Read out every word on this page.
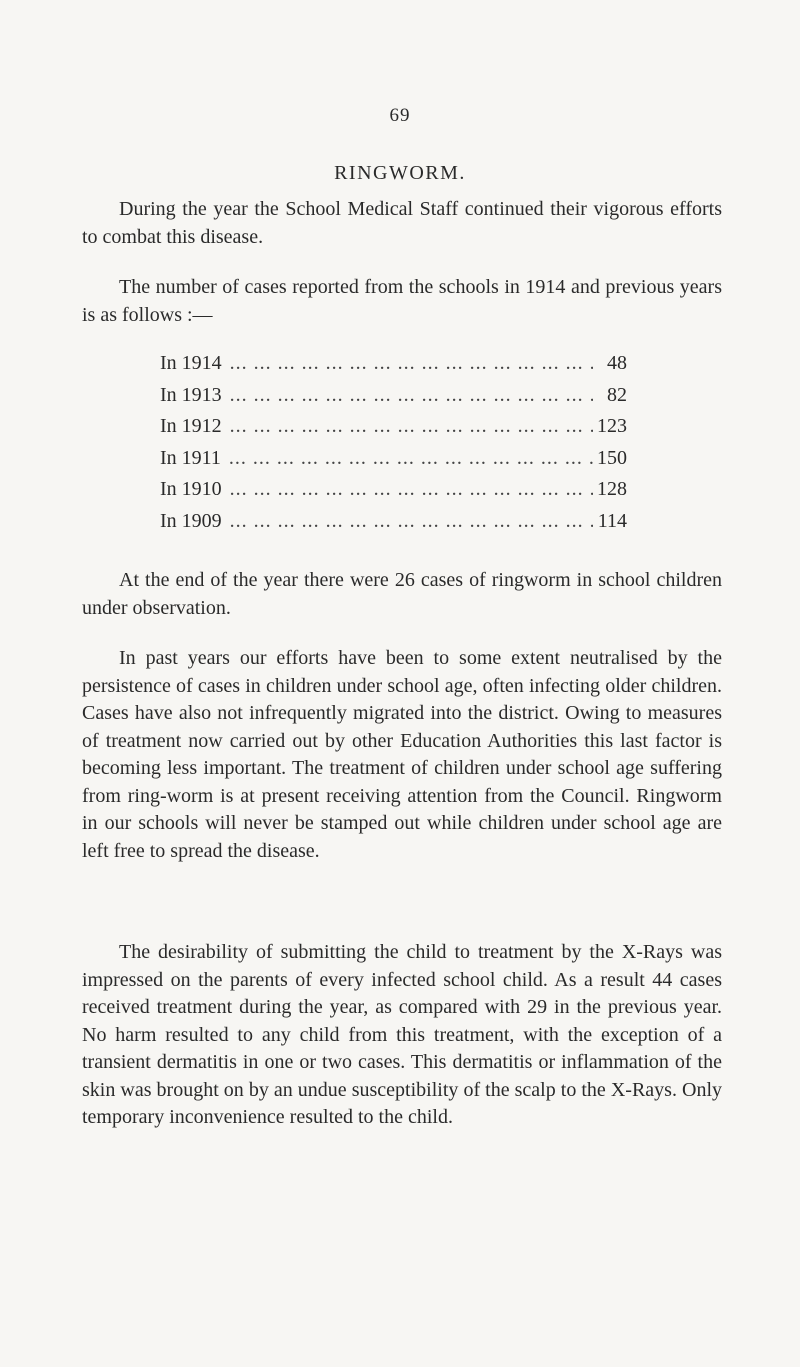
69
RINGWORM.

During the year the School Medical Staff continued their vigorous efforts to combat this disease.

The number of cases reported from the schools in 1914 and previous years is as follows :—

In 1914 ... .	48
In 1913 ... .	82
In 1912 ... .	123
In 1911 ... .	150
In 1910 ... .	128
In 1909 ... .	114

At the end of the year there were 26 cases of ringworm in school children under observation.

In past years our efforts have been to some extent neutralised by the persistence of cases in children under school age, often infecting older children. Cases have also not infrequently migrated into the district. Owing to measures of treatment now carried out by other Education Authorities this last factor is becoming less important. The treatment of children under school age suffering from ring-worm is at present receiving attention from the Council. Ringworm in our schools will never be stamped out while children under school age are left free to spread the disease.

The desirability of submitting the child to treatment by the X-Rays was impressed on the parents of every infected school child. As a result 44 cases received treatment during the year, as compared with 29 in the previous year. No harm resulted to any child from this treatment, with the exception of a transient dermatitis in one or two cases. This dermatitis or inflammation of the skin was brought on by an undue susceptibility of the scalp to the X-Rays. Only temporary inconvenience resulted to the child.
